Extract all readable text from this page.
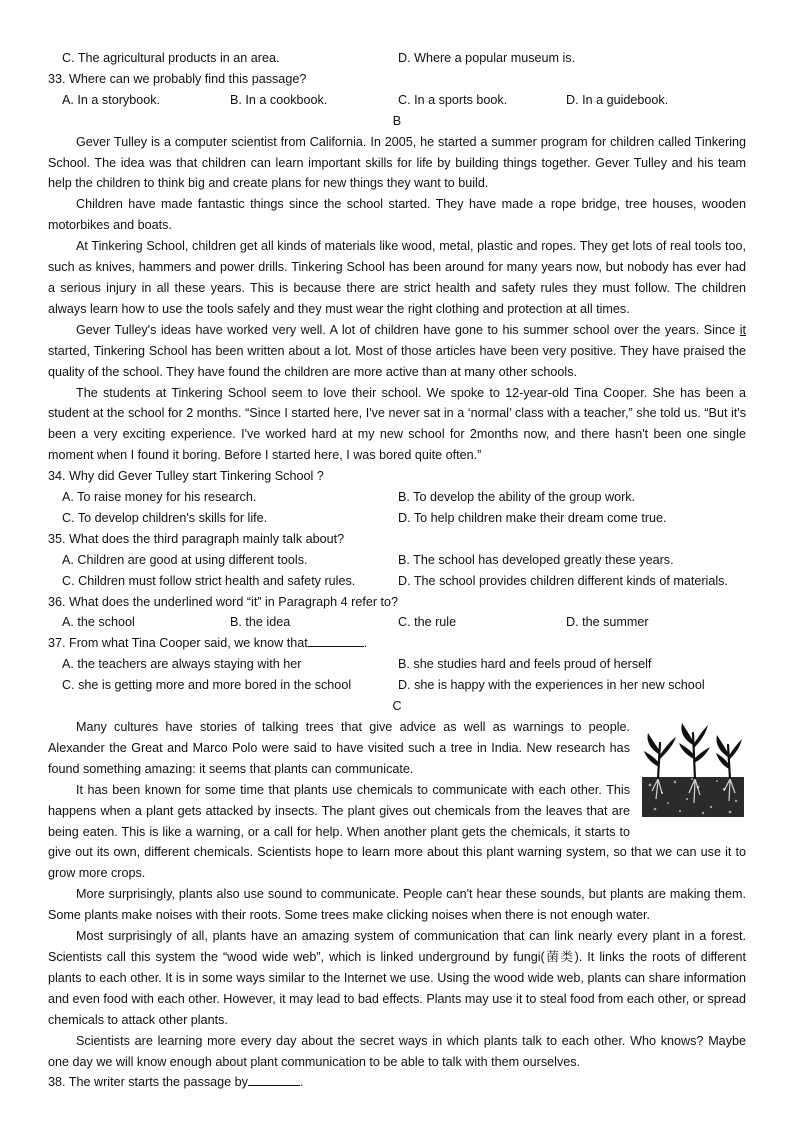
C. The agricultural products in an area.	D. Where a popular museum is.
33. Where can we probably find this passage?
A. In a storybook.	B. In a cookbook.	C. In a sports book.	D. In a guidebook.
B

Gever Tulley is a computer scientist from California. In 2005, he started a summer program for children called Tinkering School. The idea was that children can learn important skills for life by building things together. Gever Tulley and his team help the children to think big and create plans for new things they want to build.

Children have made fantastic things since the school started. They have made a rope bridge, tree houses, wooden motorbikes and boats.

At Tinkering School, children get all kinds of materials like wood, metal, plastic and ropes. They get lots of real tools too, such as knives, hammers and power drills. Tinkering School has been around for many years now, but nobody has ever had a serious injury in all these years. This is because there are strict health and safety rules they must follow. The children always learn how to use the tools safely and they must wear the right clothing and protection at all times.

Gever Tulley's ideas have worked very well. A lot of children have gone to his summer school over the years. Since it started, Tinkering School has been written about a lot. Most of those articles have been very positive. They have praised the quality of the school. They have found the children are more active than at many other schools.

The students at Tinkering School seem to love their school. We spoke to 12-year-old Tina Cooper. She has been a student at the school for 2 months. “Since I started here, I've never sat in a ‘normal’ class with a teacher,” she told us. “But it's been a very exciting experience. I've worked hard at my new school for 2months now, and there hasn't been one single moment when I found it boring. Before I started here, I was bored quite often.”

34. Why did Gever Tulley start Tinkering School ?
A. To raise money for his research.	B. To develop the ability of the group work.
C. To develop children's skills for life.	D. To help children make their dream come true.
35. What does the third paragraph mainly talk about?
A. Children are good at using different tools.	B. The school has developed greatly these years.
C. Children must follow strict health and safety rules.	D. The school provides children different kinds of materials.
36. What does the underlined word “it” in Paragraph 4 refer to?
A. the school	B. the idea	C. the rule	D. the summer
37. From what Tina Cooper said, we know that	.
A. the teachers are always staying with her	B. she studies hard and feels proud of herself
C. she is getting more and more bored in the school	D. she is happy with the experiences in her new school
C

Many cultures have stories of talking trees that give advice as well as warnings to people. Alexander the Great and Marco Polo were said to have visited such a tree in India. New research has found something amazing: it seems that plants can communicate.

It has been known for some time that plants use chemicals to communicate with each other. This happens when a plant gets attacked by insects. The plant gives out chemicals from the leaves that are being eaten. This is like a warning, or a call for help. When another plant gets the chemicals, it starts to give out its own, different chemicals. Scientists hope to learn more about this plant warning system, so that we can use it to grow more crops.

More surprisingly, plants also use sound to communicate. People can't hear these sounds, but plants are making them. Some plants make noises with their roots. Some trees make clicking noises when there is not enough water.

Most surprisingly of all, plants have an amazing system of communication that can link nearly every plant in a forest. Scientists call this system the “wood wide web”, which is linked underground by fungi(菌类). It links the roots of different plants to each other. It is in some ways similar to the Internet we use. Using the wood wide web, plants can share information and even food with each other. However, it may lead to bad effects. Plants may use it to steal food from each other, or spread chemicals to attack other plants.

Scientists are learning more every day about the secret ways in which plants talk to each other. Who knows? Maybe one day we will know enough about plant communication to be able to talk with them ourselves.

38. The writer starts the passage by	.
